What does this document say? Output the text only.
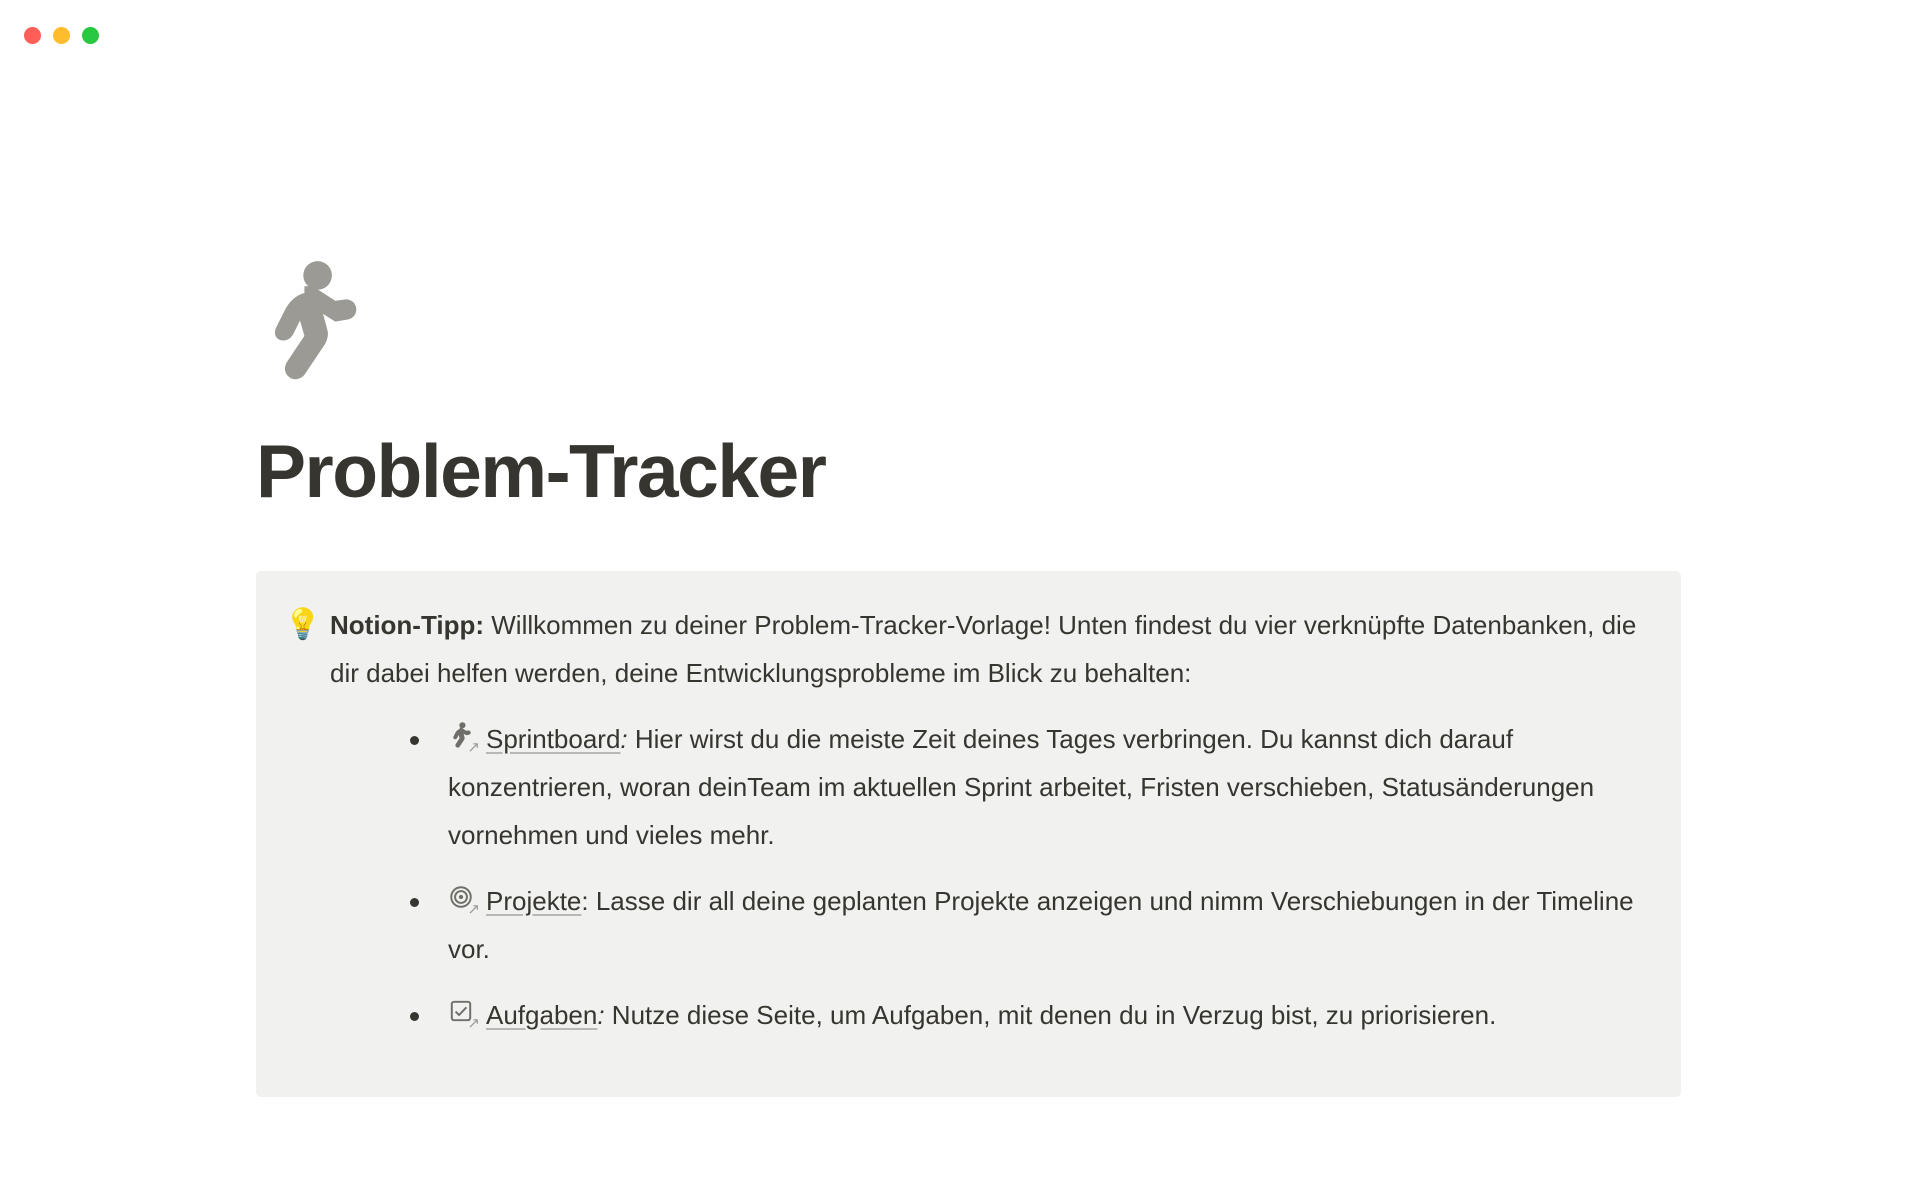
Problem-Tracker
💡 Notion-Tipp: Willkommen zu deiner Problem-Tracker-Vorlage! Unten findest du vier verknüpfte Datenbanken, die dir dabei helfen werden, deine Entwicklungsprobleme im Blick zu behalten:
↗ Sprintboard: Hier wirst du die meiste Zeit deines Tages verbringen. Du kannst dich darauf konzentrieren, woran deinTeam im aktuellen Sprint arbeitet, Fristen verschieben, Statusänderungen vornehmen und vieles mehr.
↗ Projekte: Lasse dir all deine geplanten Projekte anzeigen und nimm Verschiebungen in der Timeline vor.
↗ Aufgaben: Nutze diese Seite, um Aufgaben, mit denen du in Verzug bist, zu priorisieren.
